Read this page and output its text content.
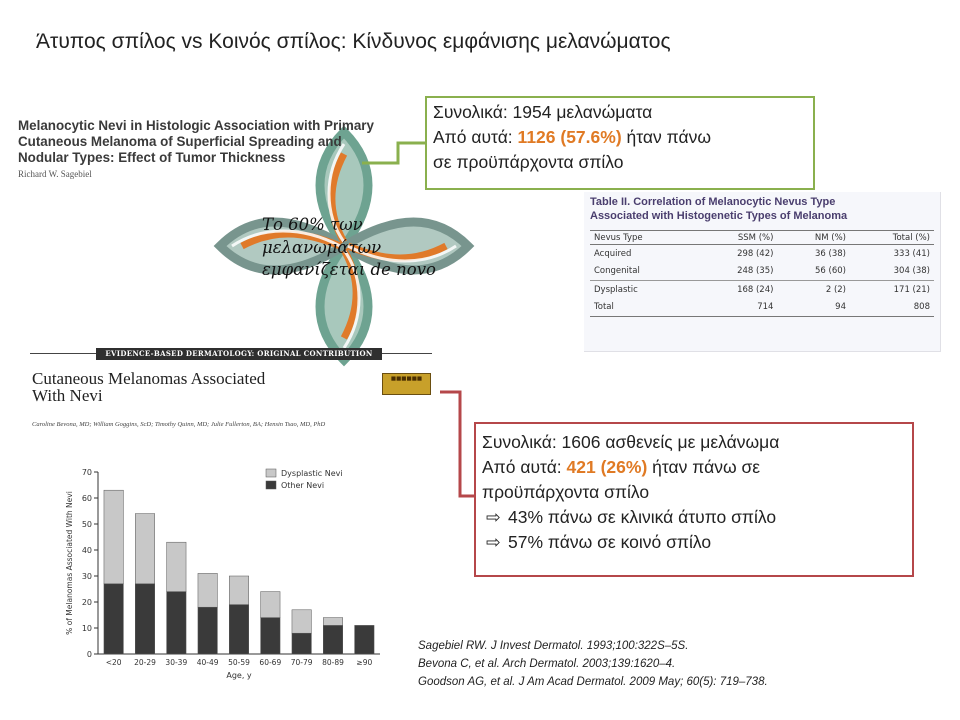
Άτυπος σπίλος vs Κοινός σπίλος: Κίνδυνος εμφάνισης μελανώματος
Melanocytic Nevi in Histologic Association with Primary Cutaneous Melanoma of Superficial Spreading and Nodular Types: Effect of Tumor Thickness
Richard W. Sagebiel
Το 60% των μελανωμάτων εμφανίζεται de novo
Table II. Correlation of Melanocytic Nevus Type
Associated with Histogenetic Types of Melanoma
Nevus Type	SSM (%)	NM (%)	Total (%)
Acquired	298 (42)	36 (38)	333 (41)
Congenital	248 (35)	56 (60)	304 (38)
Dysplastic	168 (24)	2 (2)	171 (21)
Total	714	94	808
EVIDENCE-BASED DERMATOLOGY: ORIGINAL CONTRIBUTION
Cutaneous Melanomas Associated
With Nevi
■■■■■■
Caroline Bevona, MD; William Goggins, ScD; Timothy Quinn, MD; Julie Fullerton, BA; Hensin Tsao, MD, PhD
0
10
20
30
40
50
60
70
<20 20-29 30-39 40-49 50-59 60-69 70-79 80-89 ≥90
Age, y
% of Melanomas Associated With Nevi
Dysplastic Nevi
Other Nevi
Συνολικά: 1954 μελανώματα
Από αυτά: 1126 (57.6%) ήταν πάνω
σε προϋπάρχοντα σπίλο
Συνολικά: 1606 ασθενείς με μελάνωμα
Από αυτά: 421 (26%) ήταν πάνω σε
προϋπάρχοντα σπίλο
⇨ 43% πάνω σε κλινικά άτυπο σπίλο
⇨ 57% πάνω σε κοινό σπίλο
Sagebiel RW. J Invest Dermatol. 1993;100:322S–5S.
Bevona C, et al. Arch Dermatol. 2003;139:1620–4.
Goodson AG, et al. J Am Acad Dermatol. 2009 May; 60(5): 719–738.
